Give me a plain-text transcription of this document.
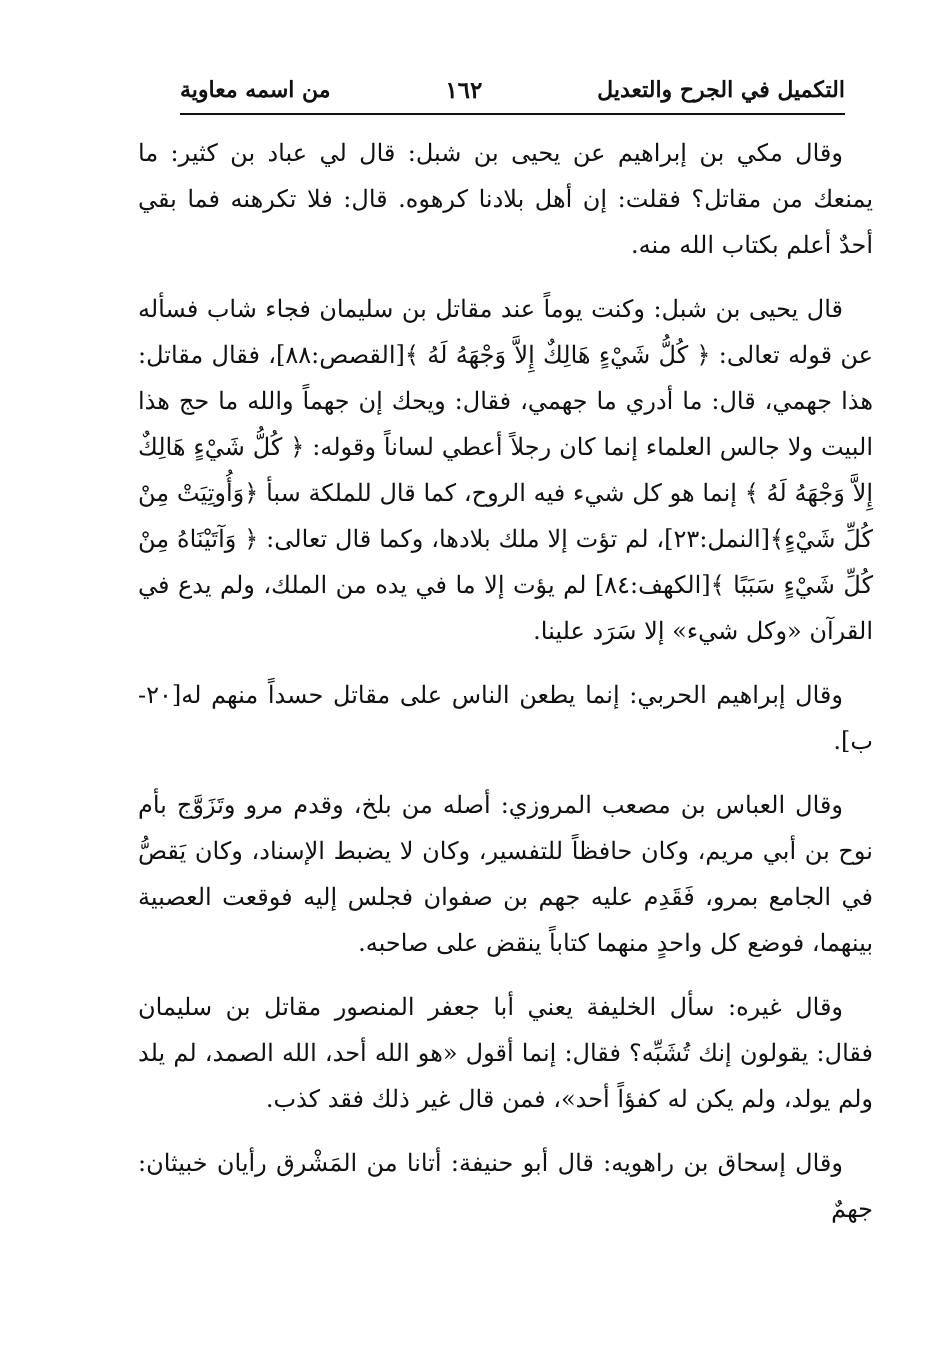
التكميل في الجرح والتعديل
١٦٢
من اسمه معاوية

وقال مكي بن إبراهيم عن يحيى بن شبل: قال لي عباد بن كثير: ما يمنعك من مقاتل؟ فقلت: إن أهل بلادنا كرهوه. قال: فلا تكرهنه فما بقي أحدٌ أعلم بكتاب الله منه.

قال يحيى بن شبل: وكنت يوماً عند مقاتل بن سليمان فجاء شاب فسأله عن قوله تعالى: ﴿ كُلُّ شَيْءٍ هَالِكٌ إِلاَّ وَجْهَهُ لَهُ ﴾[القصص:٨٨]، فقال مقاتل: هذا جهمي، قال: ما أدري ما جهمي، فقال: ويحك إن جهماً والله ما حج هذا البيت ولا جالس العلماء إنما كان رجلاً أعطي لساناً وقوله: ﴿ كُلُّ شَيْءٍ هَالِكٌ إِلاَّ وَجْهَهُ لَهُ ﴾ إنما هو كل شيء فيه الروح، كما قال للملكة سبأ ﴿وَأُوتِيَتْ مِنْ كُلِّ شَيْءٍ﴾[النمل:٢٣]، لم تؤت إلا ملك بلادها، وكما قال تعالى: ﴿ وَآتَيْنَاهُ مِنْ كُلِّ شَيْءٍ سَبَبًا ﴾[الكهف:٨٤] لم يؤت إلا ما في يده من الملك، ولم يدع في القرآن «وكل شيء» إلا سَرَد علينا.

وقال إبراهيم الحربي: إنما يطعن الناس على مقاتل حسداً منهم له[٢٠-ب].

وقال العباس بن مصعب المروزي: أصله من بلخ، وقدم مرو وتَزَوَّج بأم نوح بن أبي مريم، وكان حافظاً للتفسير، وكان لا يضبط الإسناد، وكان يَقصُّ في الجامع بمرو، فَقَدِم عليه جهم بن صفوان فجلس إليه فوقعت العصبية بينهما، فوضع كل واحدٍ منهما كتاباً ينقض على صاحبه.

وقال غيره: سأل الخليفة يعني أبا جعفر المنصور مقاتل بن سليمان فقال: يقولون إنك تُشَبِّه؟ فقال: إنما أقول «هو الله أحد، الله الصمد، لم يلد ولم يولد، ولم يكن له كفؤاً أحد»، فمن قال غير ذلك فقد كذب.

وقال إسحاق بن راهويه: قال أبو حنيفة: أتانا من المَشْرق رأيان خبيثان: جهمٌ
